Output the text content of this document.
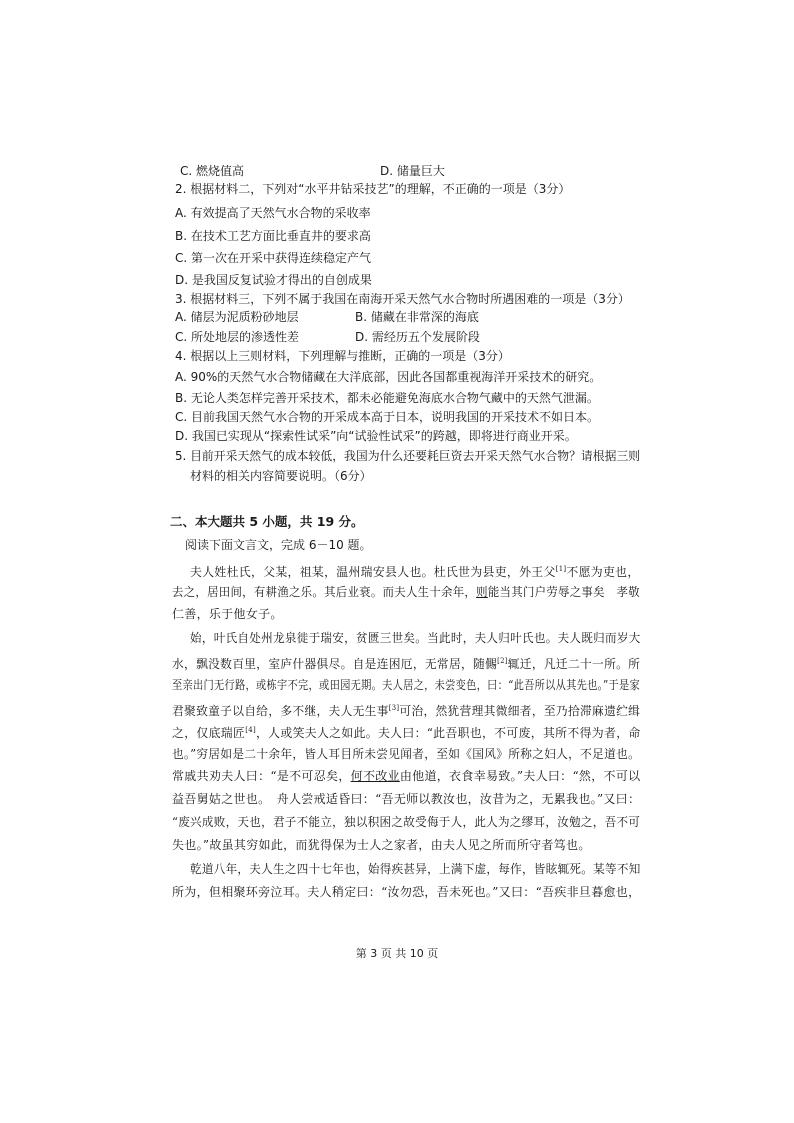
C. 燃烧值高	D. 储量巨大
2. 根据材料二，下列对“水平井钻采技艺”的理解，不正确的一项是（3分）
A. 有效提高了天然气水合物的采收率
B. 在技术工艺方面比垂直井的要求高
C. 第一次在开采中获得连续稳定产气
D. 是我国反复试验才得出的自创成果
3. 根据材料三，下列不属于我国在南海开采天然气水合物时所遇困难的一项是（3分）
A. 储层为泥质粉砂地层	B. 储藏在非常深的海底
C. 所处地层的渗透性差	D. 需经历五个发展阶段
4. 根据以上三则材料，下列理解与推断，正确的一项是（3分）
A. 90%的天然气水合物储藏在大洋底部，因此各国都重视海洋开采技术的研究。
B. 无论人类怎样完善开采技术，都未必能避免海底水合物气藏中的天然气泄漏。
C. 目前我国天然气水合物的开采成本高于日本，说明我国的开采技术不如日本。
D. 我国已实现从“探索性试采”向“试验性试采”的跨越，即将进行商业开采。
5. 目前开采天然气的成本较低，我国为什么还要耗巨资去开采天然气水合物？请根据三则
材料的相关内容简要说明。（6分）
二、本大题共 5 小题，共 19 分。
阅读下面文言文，完成 6－10 题。
夫人姓杜氏，父某，祖某，温州瑞安县人也。杜氏世为县吏，外王父[1]不愿为吏也，
去之，居田间，有耕渔之乐。其后业衰。而夫人生十余年，则能当其门户劳辱之事矣　孝敬
仁善，乐于他女子。
始，叶氏自处州龙泉徙于瑞安，贫匮三世矣。当此时，夫人归叶氏也。夫人既归而岁大
水，飘没数百里，室庐什器俱尽。自是连困厄，无常居，随儩[2]辄迁，凡迁二十一所。所
至亲出门无行路，或栋宇不完，或田园无期。夫人居之，未尝变色，曰：“此吾所以从其先也。”于是家
君聚致童子以自给，多不继，夫人无生事[3]可治，然犹营理其微细者，至乃拾滞麻遗纻缉
之，仅底瑞匠[4]，人或笑夫人之如此。夫人曰：“此吾职也，不可废，其所不得为者，命
也。”穷居如是二十余年，皆人耳目所未尝见闻者，至如《国风》所称之妇人，不足道也。
常戚共劝夫人曰：“是不可忍矣，何不改业由他道，衣食幸易致。”夫人曰：“然，不可以
益吾舅姑之世也。　舟人尝戒适昏曰：“吾无师以教汝也，汝昔为之，无累我也。”又曰：
“废兴成败，天也，君子不能立，独以积困之故受侮于人，此人为之缪耳，汝勉之，吾不可
失也。”故虽其穷如此，而犹得保为士人之家者，由夫人见之所而所守者笃也。
乾道八年，夫人生之四十七年也，始得疾甚异，上满下虚，每作，皆眩辄死。某等不知
所为，但相聚环旁泣耳。夫人稍定曰：“汝勿恐，吾未死也。”又曰：“吾疾非旦暮愈也，
第 3 页 共 10 页
